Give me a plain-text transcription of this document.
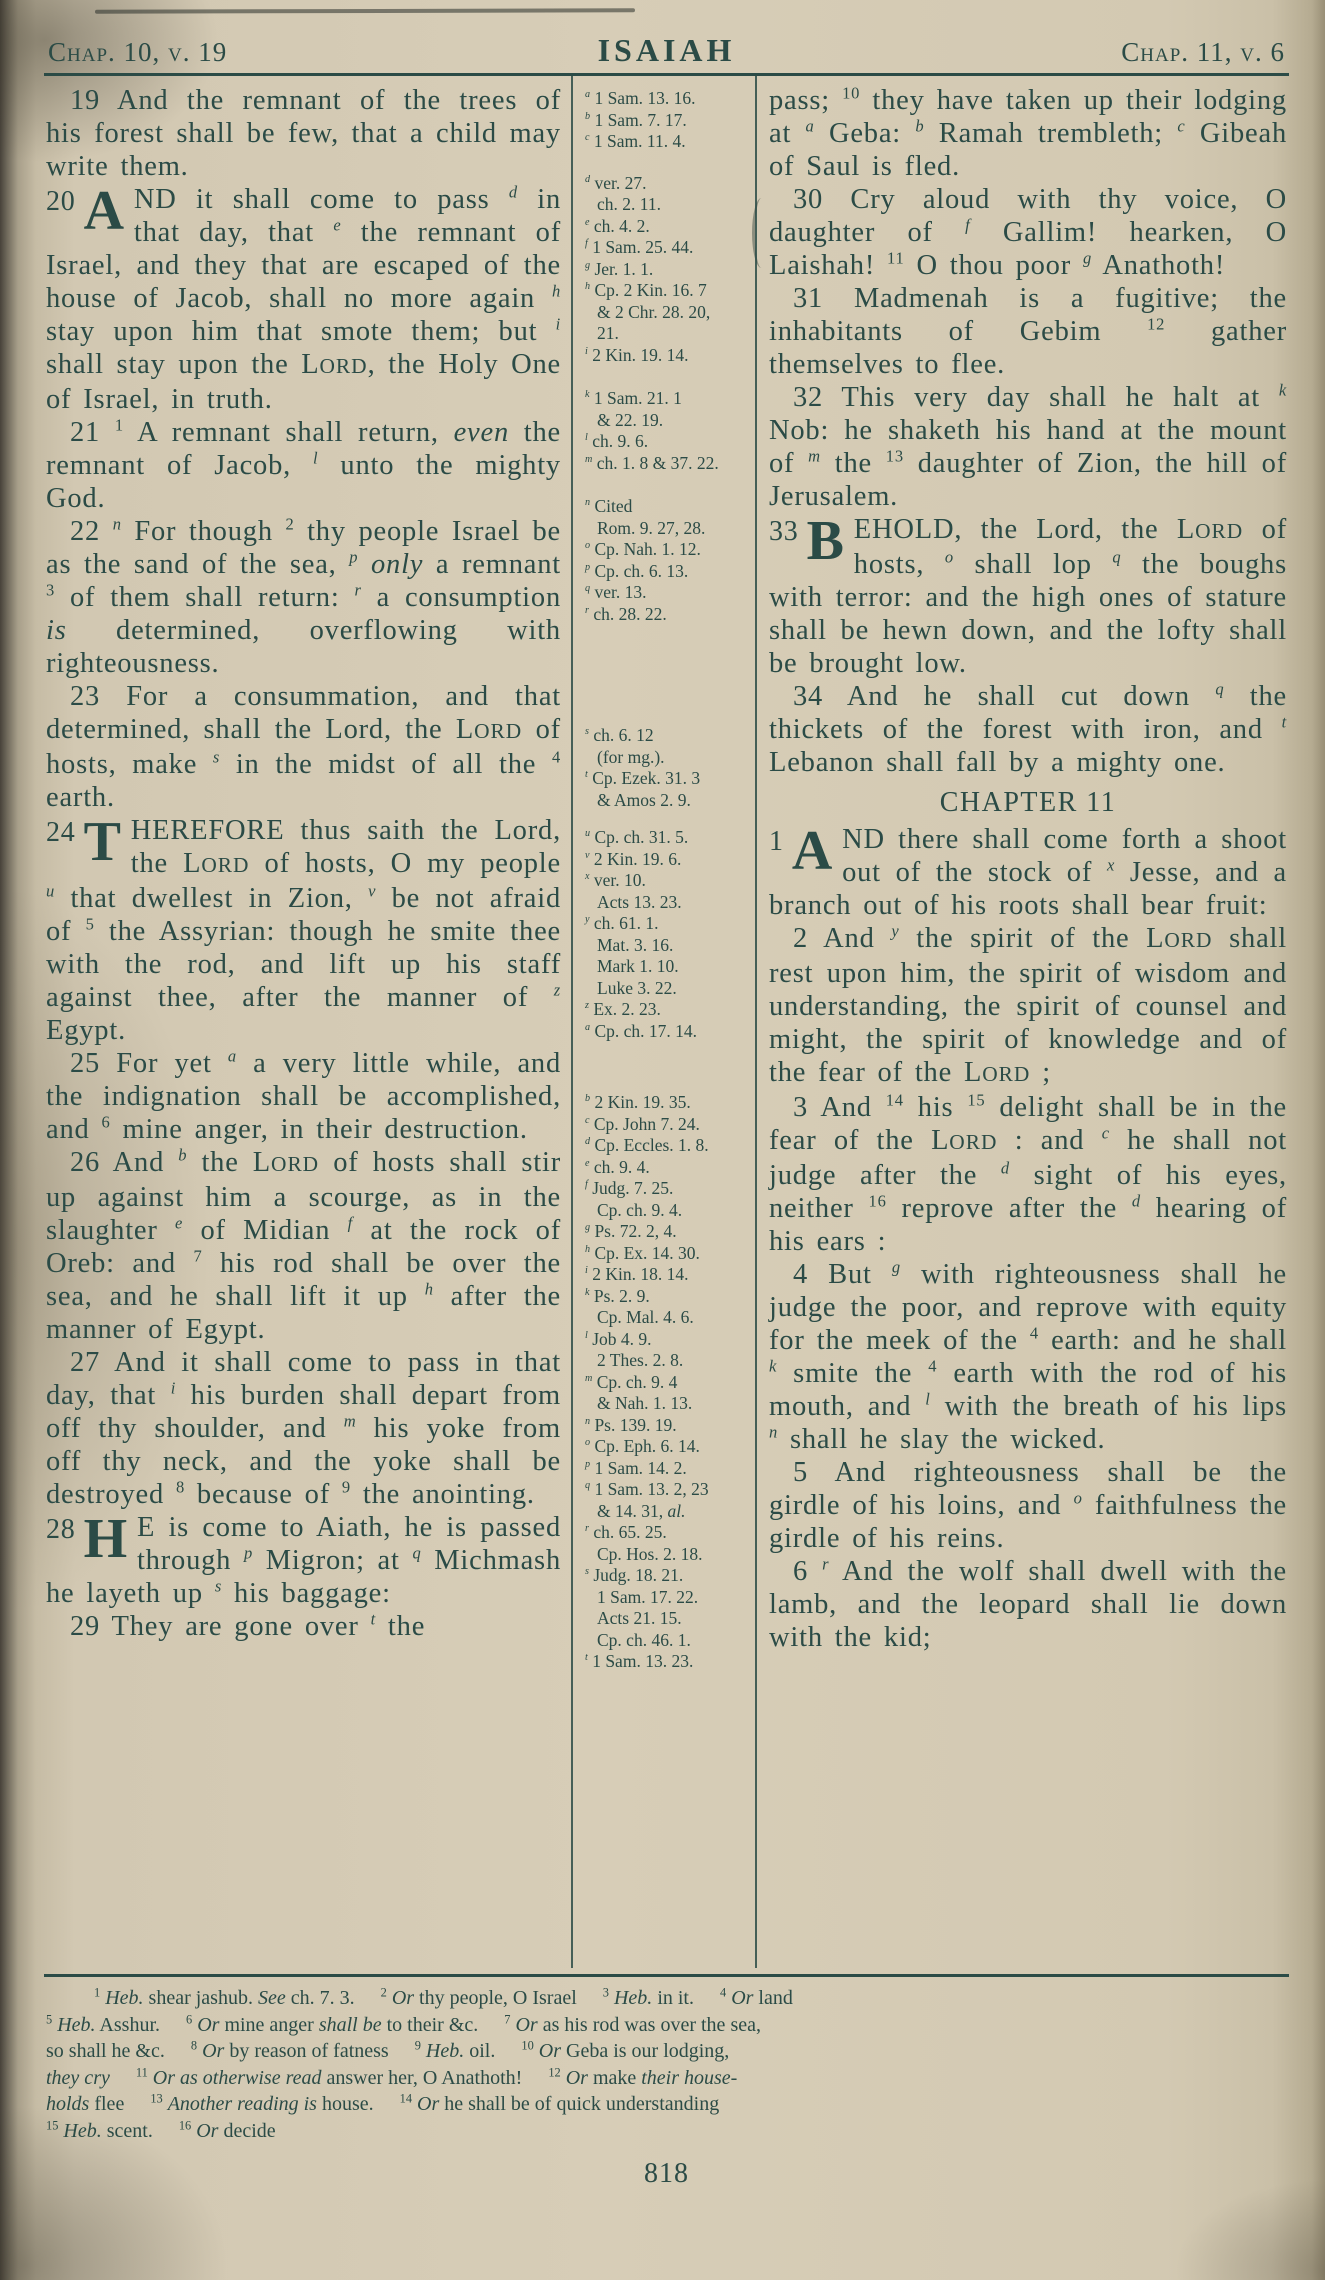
Chap. 10, v. 19	ISAIAH	Chap. 11, v. 6

19 And the remnant of the trees of his forest shall be few, that a child may write them.

20 A ND it shall come to pass $^d$ in that day, that $^e$ the remnant of Israel, and they that are escaped of the house of Jacob, shall no more again $^h$ stay upon him that smote them; but $^i$ shall stay upon the LORD, the Holy One of Israel, in truth.

21 $^1$ A remnant shall return, even the remnant of Jacob, $^l$ unto the mighty God.

22 $^n$ For though $^2$ thy people Israel be as the sand of the sea, $^p$ only a remnant $^3$ of them shall return: $^r$ a consumption is determined, overflowing with righteousness.

23 For a consummation, and that determined, shall the Lord, the LORD of hosts, make $^s$ in the midst of all the $^4$ earth.

24 T HEREFORE thus saith the Lord, the LORD of hosts, O my people $^u$ that dwellest in Zion, $^v$ be not afraid of $^5$ the Assyrian: though he smite thee with the rod, and lift up his staff against thee, after the manner of $^z$ Egypt.

25 For yet $^a$ a very little while, and the indignation shall be accomplished, and $^6$ mine anger, in their destruction.

26 And $^b$ the LORD of hosts shall stir up against him a scourge, as in the slaughter $^e$ of Midian $^f$ at the rock of Oreb: and $^7$ his rod shall be over the sea, and he shall lift it up $^h$ after the manner of Egypt.

27 And it shall come to pass in that day, that $^i$ his burden shall depart from off thy shoulder, and $^m$ his yoke from off thy neck, and the yoke shall be destroyed $^8$ because of $^9$ the anointing.

28 H E is come to Aiath, he is passed through $^p$ Migron; at $^q$ Michmash he layeth up $^s$ his baggage:

29 They are gone over $^t$ the

$^a$ 1 Sam. 13. 16.
$^b$ 1 Sam. 7. 17.
$^c$ 1 Sam. 11. 4.
$^d$ ver. 27.
ch. 2. 11.
$^e$ ch. 4. 2.
$^f$ 1 Sam. 25. 44.
$^g$ Jer. 1. 1.
$^h$ Cp. 2 Kin. 16. 7
& 2 Chr. 28. 20,
21.
$^i$ 2 Kin. 19. 14.
$^k$ 1 Sam. 21. 1
& 22. 19.
$^l$ ch. 9. 6.
$^m$ ch. 1. 8 & 37. 22.
$^n$ Cited
Rom. 9. 27, 28.
$^o$ Cp. Nah. 1. 12.
$^p$ Cp. ch. 6. 13.
$^q$ ver. 13.
$^r$ ch. 28. 22.
$^s$ ch. 6. 12
(for mg.).
$^t$ Cp. Ezek. 31. 3
& Amos 2. 9.
$^u$ Cp. ch. 31. 5.
$^v$ 2 Kin. 19. 6.
$^x$ ver. 10.
Acts 13. 23.
$^y$ ch. 61. 1.
Mat. 3. 16.
Mark 1. 10.
Luke 3. 22.
$^z$ Ex. 2. 23.
$^a$ Cp. ch. 17. 14.
$^b$ 2 Kin. 19. 35.
$^c$ Cp. John 7. 24.
$^d$ Cp. Eccles. 1. 8.
$^e$ ch. 9. 4.
$^f$ Judg. 7. 25.
Cp. ch. 9. 4.
$^g$ Ps. 72. 2, 4.
$^h$ Cp. Ex. 14. 30.
$^i$ 2 Kin. 18. 14.
$^k$ Ps. 2. 9.
Cp. Mal. 4. 6.
$^l$ Job 4. 9.
2 Thes. 2. 8.
$^m$ Cp. ch. 9. 4
& Nah. 1. 13.
$^n$ Ps. 139. 19.
$^o$ Cp. Eph. 6. 14.
$^p$ 1 Sam. 14. 2.
$^q$ 1 Sam. 13. 2, 23
& 14. 31, al.
$^r$ ch. 65. 25.
Cp. Hos. 2. 18.
$^s$ Judg. 18. 21.
1 Sam. 17. 22.
Acts 21. 15.
Cp. ch. 46. 1.
$^t$ 1 Sam. 13. 23.

pass; $^{10}$ they have taken up their lodging at $^a$ Geba: $^b$ Ramah trembleth; $^c$ Gibeah of Saul is fled.

30 Cry aloud with thy voice, O daughter of $^f$ Gallim! hearken, O Laishah! $^{11}$ O thou poor $^g$ Anathoth!

31 Madmenah is a fugitive; the inhabitants of Gebim $^{12}$ gather themselves to flee.

32 This very day shall he halt at $^k$ Nob: he shaketh his hand at the mount of $^m$ the $^{13}$ daughter of Zion, the hill of Jerusalem.

33 B EHOLD, the Lord, the LORD of hosts, $^o$ shall lop $^q$ the boughs with terror: and the high ones of stature shall be hewn down, and the lofty shall be brought low.

34 And he shall cut down $^q$ the thickets of the forest with iron, and $^t$ Lebanon shall fall by a mighty one.

CHAPTER 11

1 A ND there shall come forth a shoot out of the stock of $^x$ Jesse, and a branch out of his roots shall bear fruit:

2 And $^y$ the spirit of the LORD shall rest upon him, the spirit of wisdom and understanding, the spirit of counsel and might, the spirit of knowledge and of the fear of the LORD ;

3 And $^{14}$ his $^{15}$ delight shall be in the fear of the LORD : and $^c$ he shall not judge after the $^d$ sight of his eyes, neither $^{16}$ reprove after the $^d$ hearing of his ears :

4 But $^g$ with righteousness shall he judge the poor, and reprove with equity for the meek of the $^4$ earth: and he shall $^k$ smite the $^4$ earth with the rod of his mouth, and $^l$ with the breath of his lips $^n$ shall he slay the wicked.

5 And righteousness shall be the girdle of his loins, and $^o$ faithfulness the girdle of his reins.

6 $^r$ And the wolf shall dwell with the lamb, and the leopard shall lie down with the kid;

$^1$ Heb. shear jashub. See ch. 7. 3. $^2$ Or thy people, O Israel $^3$ Heb. in it. $^4$ Or land
$^5$ Heb. Asshur. $^6$ Or mine anger shall be to their &c. $^7$ Or as his rod was over the sea,
so shall he &c. $^8$ Or by reason of fatness $^9$ Heb. oil. $^{10}$ Or Geba is our lodging,
they cry $^{11}$ Or as otherwise read answer her, O Anathoth! $^{12}$ Or make their house-
holds flee $^{13}$ Another reading is house. $^{14}$ Or he shall be of quick understanding
$^{15}$ Heb. scent. $^{16}$ Or decide
818
